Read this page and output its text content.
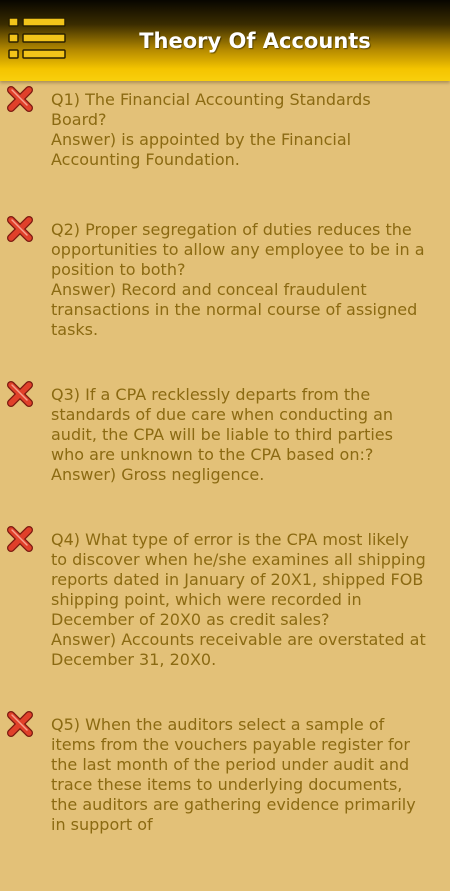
Theory Of Accounts
Q1) The Financial Accounting Standards Board?
Answer) is appointed by the Financial Accounting Foundation.
Q2) Proper segregation of duties reduces the opportunities to allow any employee to be in a position to both?
Answer) Record and conceal fraudulent transactions in the normal course of assigned tasks.
Q3) If a CPA recklessly departs from the standards of due care when conducting an audit, the CPA will be liable to third parties who are unknown to the CPA based on:?
Answer) Gross negligence.
Q4) What type of error is the CPA most likely to discover when he/she examines all shipping reports dated in January of 20X1, shipped FOB shipping point, which were recorded in December of 20X0 as credit sales?
Answer) Accounts receivable are overstated at December 31, 20X0.
Q5) When the auditors select a sample of items from the vouchers payable register for the last month of the period under audit and trace these items to underlying documents, the auditors are gathering evidence primarily in support of
